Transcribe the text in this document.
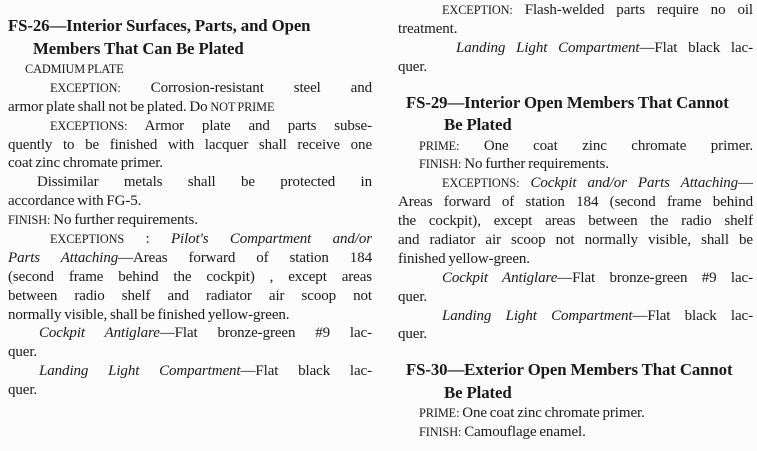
FS-26—Interior Surfaces, Parts, and Open
Members That Can Be Plated
CADMIUM PLATE
EXCEPTION: Corrosion-resistant steel and
armor plate shall not be plated. Do NOT PRIME
EXCEPTIONS: Armor plate and parts subse-
quently to be finished with lacquer shall receive one
coat zinc chromate primer.
Dissimilar metals shall be protected in
accordance with FG-5.
FINISH: No further requirements.
EXCEPTIONS : Pilot's Compartment and/or
Parts Attaching—Areas forward of station 184
(second frame behind the cockpit) , except areas
between radio shelf and radiator air scoop not
normally visible, shall be finished yellow-green.
Cockpit Antiglare—Flat bronze-green #9 lac-
quer.
Landing Light Compartment—Flat black lac-
quer.
EXCEPTION: Flash-welded parts require no oil
treatment.
Landing Light Compartment—Flat black lac-
quer.
FS-29—Interior Open Members That Cannot
Be Plated
PRIME: One coat zinc chromate primer.
FINISH: No further requirements.
EXCEPTIONS: Cockpit and/or Parts Attaching—
Areas forward of station 184 (second frame behind
the cockpit), except areas between the radio shelf
and radiator air scoop not normally visible, shall be
finished yellow-green.
Cockpit Antiglare—Flat bronze-green #9 lac-
quer.
Landing Light Compartment—Flat black lac-
quer.
FS-30—Exterior Open Members That Cannot
Be Plated
PRIME: One coat zinc chromate primer.
FINISH: Camouflage enamel.
